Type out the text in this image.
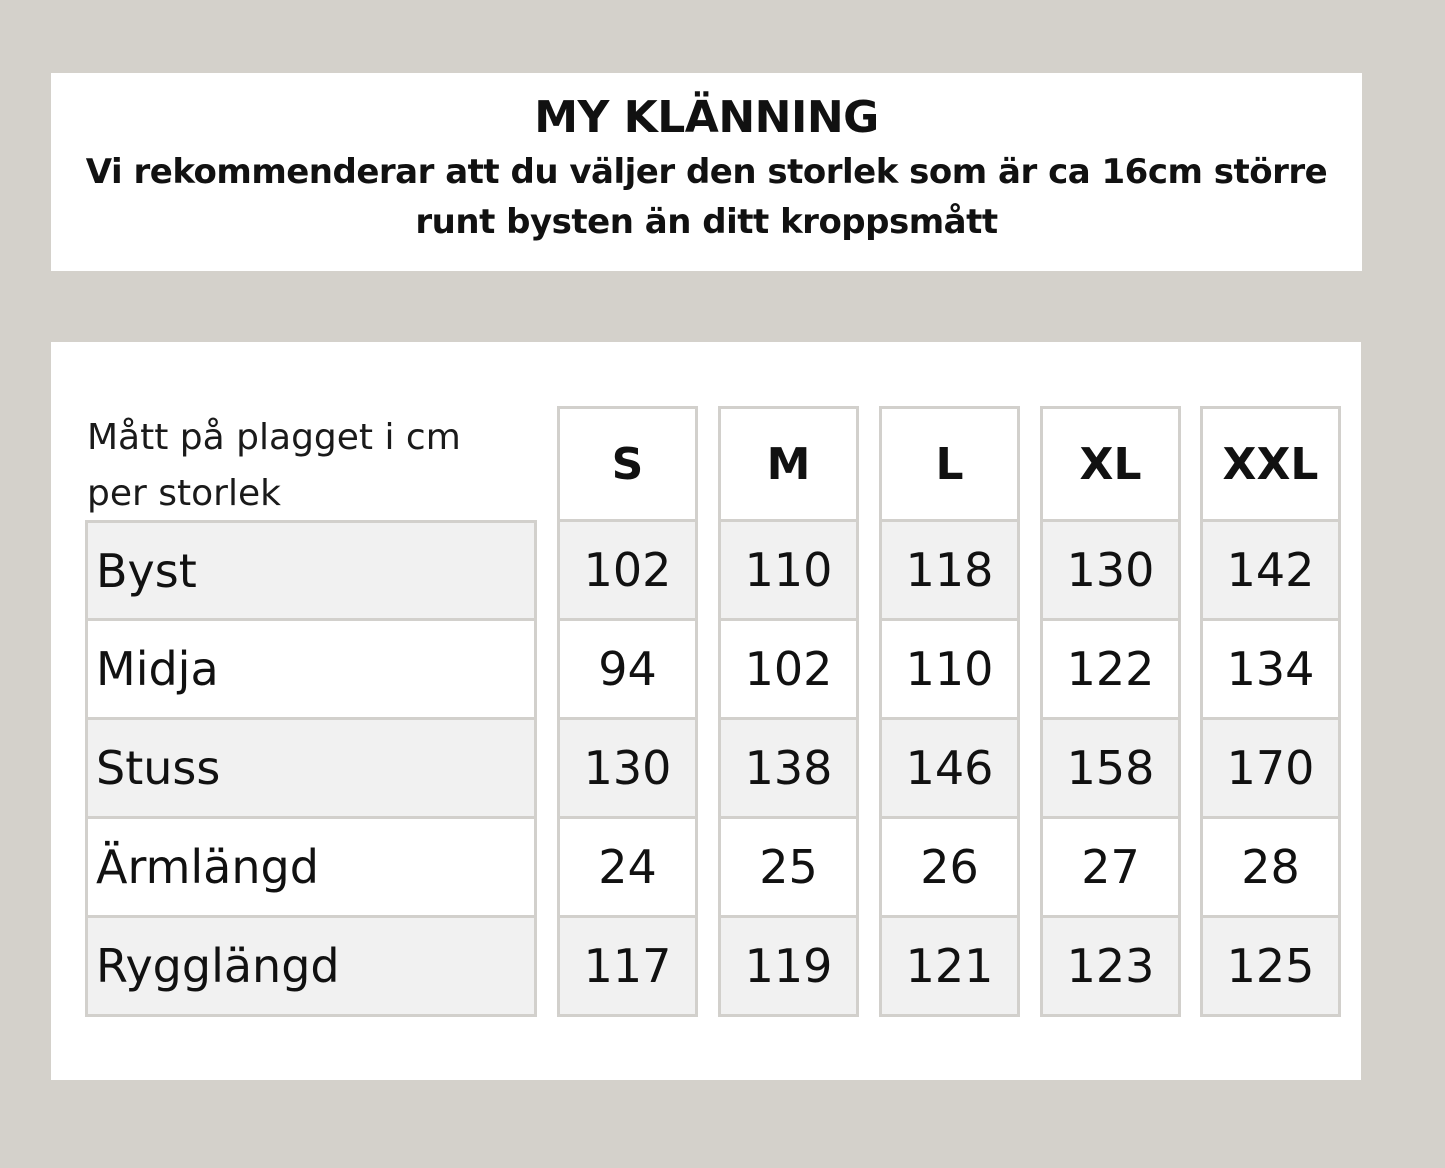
MY KLÄNNING
Vi rekommenderar att du väljer den storlek som är ca 16cm större
runt bysten än ditt kroppsmått
Mått på plagget i cm
per storlek
Byst
Midja
Stuss
Ärmlängd
Rygglängd
S
102
94
130
24
117
M
110
102
138
25
119
L
118
110
146
26
121
XL
130
122
158
27
123
XXL
142
134
170
28
125
